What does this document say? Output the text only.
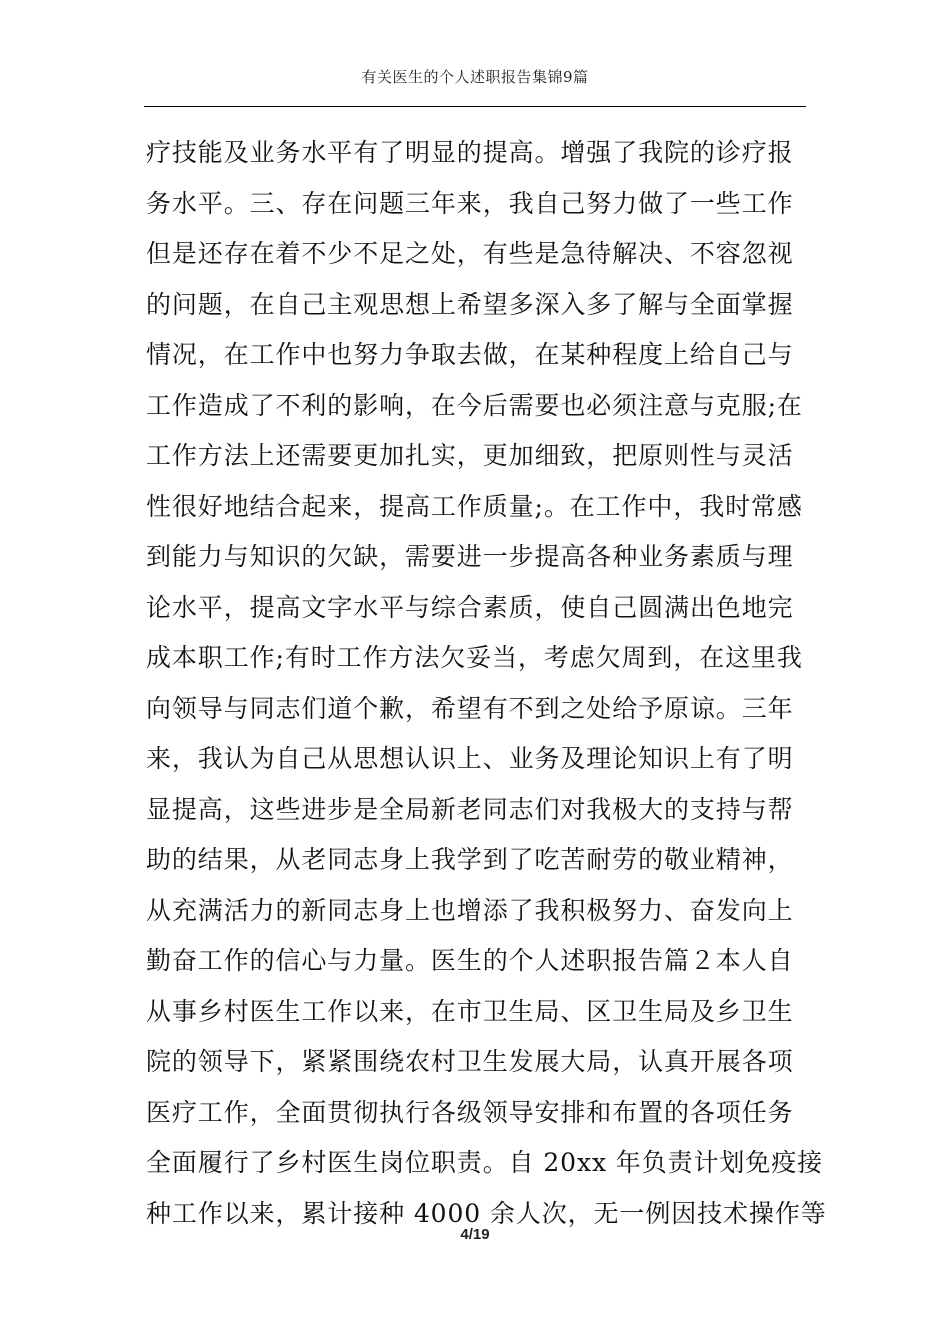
有关医生的个人述职报告集锦9篇
疗技能及业务水平有了明显的提高。增强了我院的诊疗报
务水平。三、存在问题三年来，我自己努力做了一些工作
但是还存在着不少不足之处，有些是急待解决、不容忽视
的问题，在自己主观思想上希望多深入多了解与全面掌握
情况，在工作中也努力争取去做，在某种程度上给自己与
工作造成了不利的影响，在今后需要也必须注意与克服;在
工作方法上还需要更加扎实，更加细致，把原则性与灵活
性很好地结合起来，提高工作质量;。在工作中，我时常感
到能力与知识的欠缺，需要进一步提高各种业务素质与理
论水平，提高文字水平与综合素质，使自己圆满出色地完
成本职工作;有时工作方法欠妥当，考虑欠周到，在这里我
向领导与同志们道个歉，希望有不到之处给予原谅。三年
来，我认为自己从思想认识上、业务及理论知识上有了明
显提高，这些进步是全局新老同志们对我极大的支持与帮
助的结果，从老同志身上我学到了吃苦耐劳的敬业精神，
从充满活力的新同志身上也增添了我积极努力、奋发向上
勤奋工作的信心与力量。医生的个人述职报告篇２本人自
从事乡村医生工作以来，在市卫生局、区卫生局及乡卫生
院的领导下，紧紧围绕农村卫生发展大局，认真开展各项
医疗工作，全面贯彻执行各级领导安排和布置的各项任务
全面履行了乡村医生岗位职责。自 20xx 年负责计划免疫接
种工作以来，累计接种 4000 余人次，无一例因技术操作等
4/19
